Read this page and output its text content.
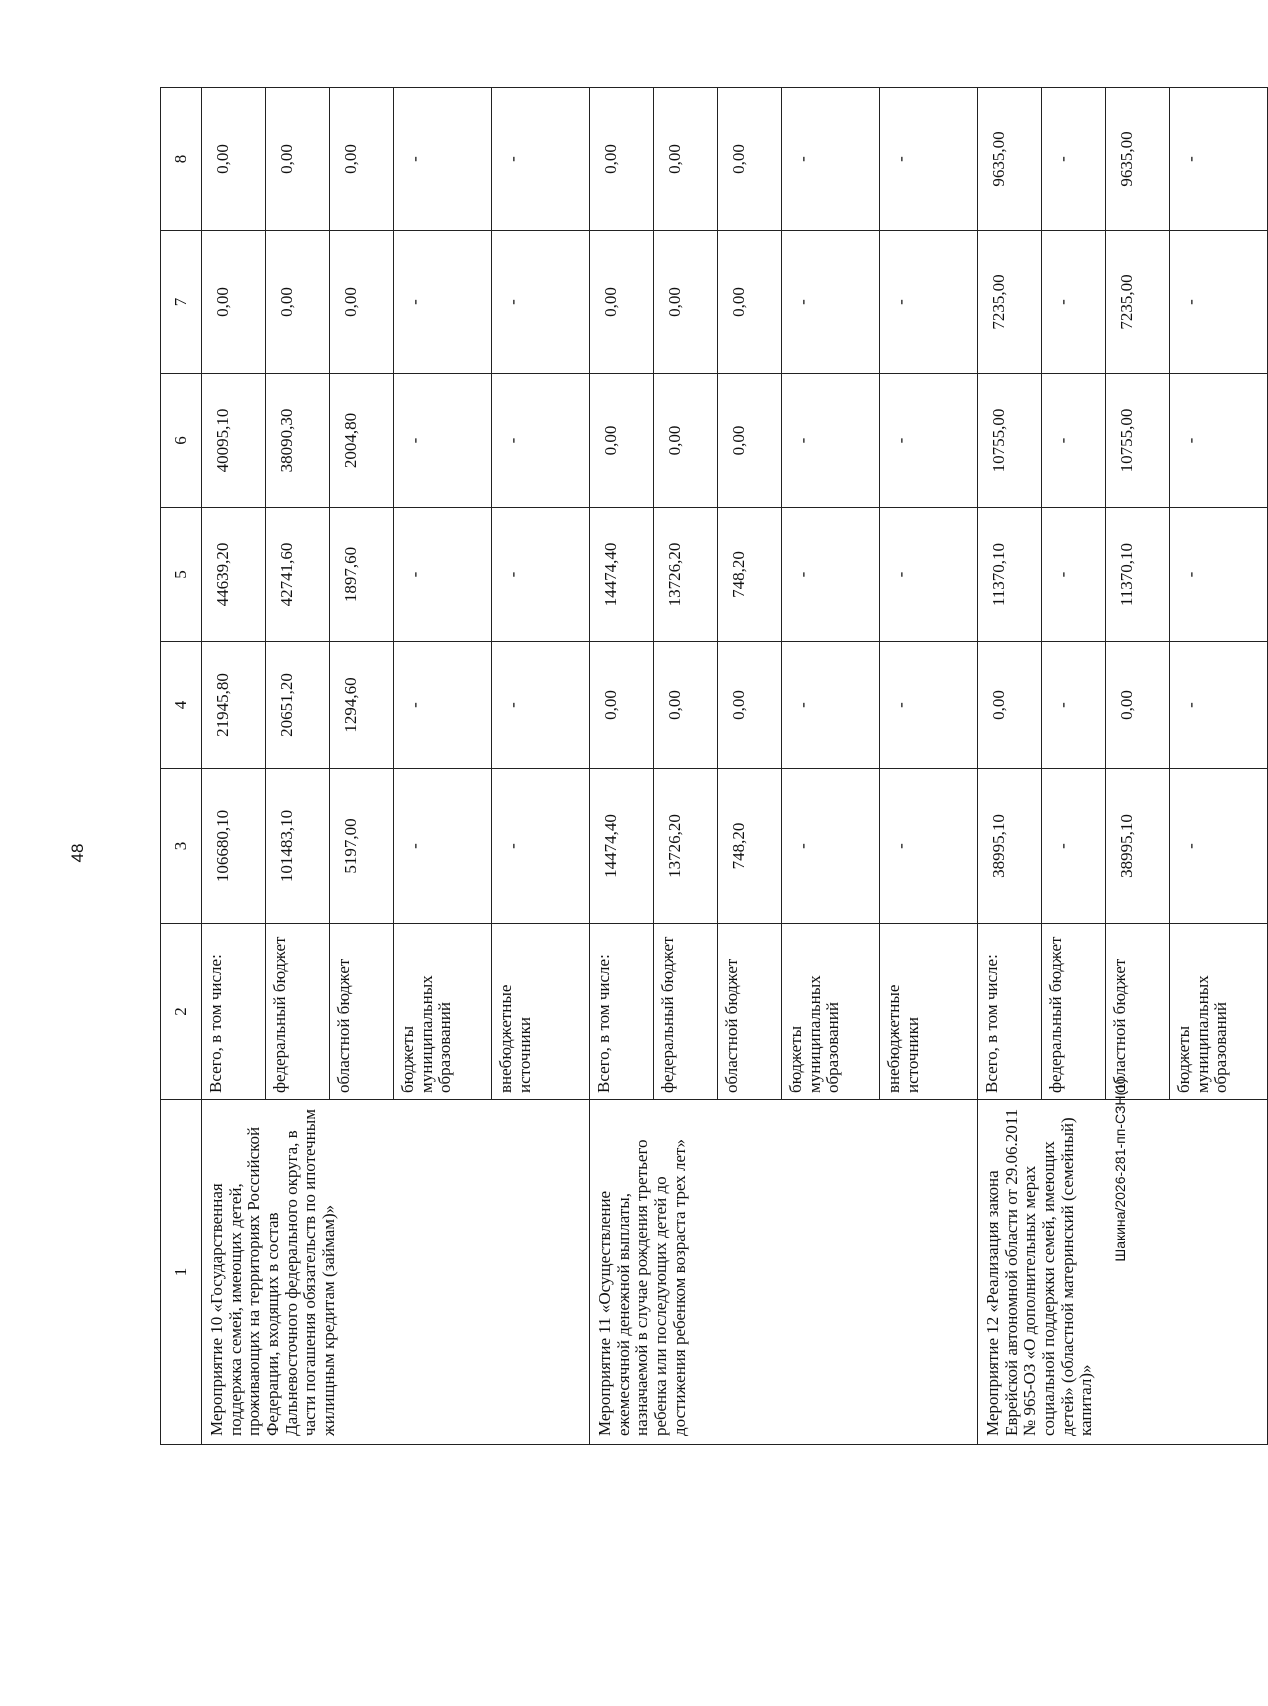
48
Шакина/2026-281-пп-СЗН(1)
1	2	3	4	5	6	7	8
Мероприятие 10 «Государственная поддержка семей, имеющих детей, проживающих на территориях Российской Федерации, входящих в состав Дальневосточного федерального округа, в части погашения обязательств по ипотечным жилищным кредитам (займам)»	Всего, в том числе:	106680,10	21945,80	44639,20	40095,10	0,00	0,00
	федеральный бюджет	101483,10	20651,20	42741,60	38090,30	0,00	0,00
	областной бюджет	5197,00	1294,60	1897,60	2004,80	0,00	0,00
	бюджеты муниципальных образований	-	-	-	-	-	-
	внебюджетные источники	-	-	-	-	-	-
Мероприятие 11 «Осуществление ежемесячной денежной выплаты, назначаемой в случае рождения третьего ребенка или последующих детей до достижения ребенком возраста трех лет»	Всего, в том числе:	14474,40	0,00	14474,40	0,00	0,00	0,00
	федеральный бюджет	13726,20	0,00	13726,20	0,00	0,00	0,00
	областной бюджет	748,20	0,00	748,20	0,00	0,00	0,00
	бюджеты муниципальных образований	-	-	-	-	-	-
	внебюджетные источники	-	-	-	-	-	-
Мероприятие 12 «Реализация закона Еврейской автономной области от 29.06.2011 № 965-ОЗ «О дополнительных мерах социальной поддержки семей, имеющих детей» (областной материнский (семейный) капитал)»	Всего, в том числе:	38995,10	0,00	11370,10	10755,00	7235,00	9635,00
	федеральный бюджет	-	-	-	-	-	-
	областной бюджет	38995,10	0,00	11370,10	10755,00	7235,00	9635,00
	бюджеты муниципальных образований	-	-	-	-	-	-
